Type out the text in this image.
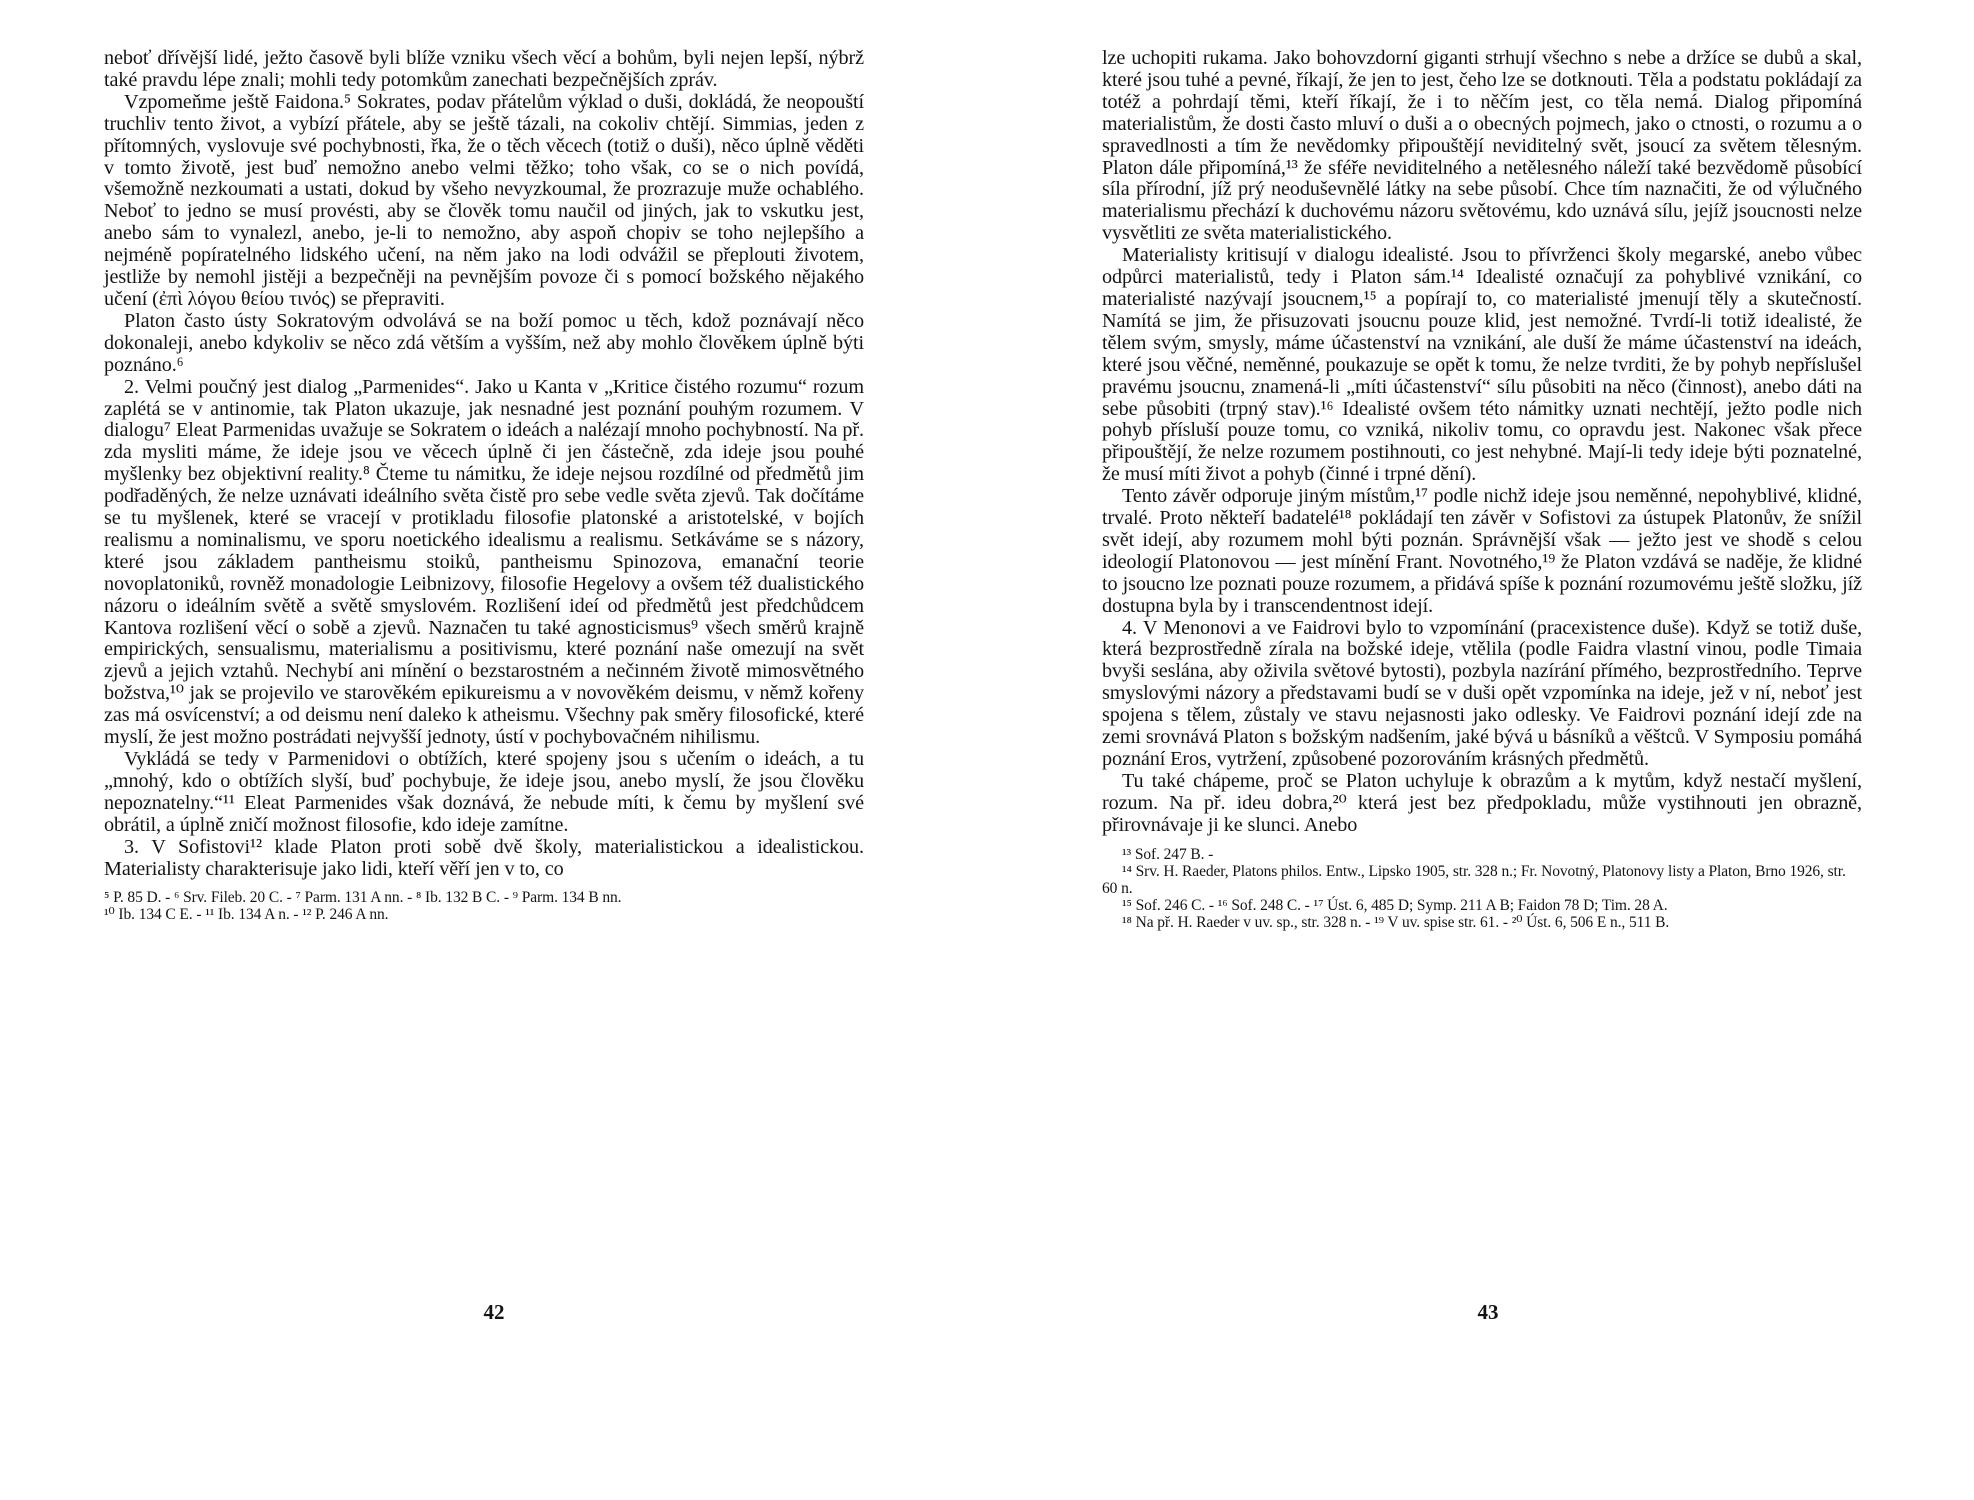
neboť dřívější lidé, ježto časově byli blíže vzniku všech věcí a bohům, byli nejen lepší, nýbrž také pravdu lépe znali; mohli tedy potomkům zanechati bezpečnějších zpráv.

Vzpomeňme ještě Faidona.⁵ Sokrates, podav přátelům výklad o duši, dokládá, že neopouští truchliv tento život, a vybízí přátele, aby se ještě tázali, na cokoliv chtějí. Simmias, jeden z přítomných, vyslovuje své pochybnosti, řka, že o těch věcech (totiž o duši), něco úplně věděti v tomto životě, jest buď nemožno anebo velmi těžko; toho však, co se o nich povídá, všemožně nezkoumati a ustati, dokud by všeho nevyzkoumal, že prozrazuje muže ochablého. Neboť to jedno se musí provésti, aby se člověk tomu naučil od jiných, jak to vskutku jest, anebo sám to vynalezl, anebo, je-li to nemožno, aby aspoň chopiv se toho nejlepšího a nejméně popíratelného lidského učení, na něm jako na lodi odvážil se přeplouti životem, jestliže by nemohl jistěji a bezpečněji na pevnějším povoze či s pomocí božského nějakého učení (ἐπὶ λόγου θείου τινός) se přepraviti.

Platon často ústy Sokratovým odvolává se na boží pomoc u těch, kdož poznávají něco dokonaleji, anebo kdykoliv se něco zdá větším a vyšším, než aby mohlo člověkem úplně býti poznáno.⁶

2. Velmi poučný jest dialog „Parmenides“. Jako u Kanta v „Kritice čistého rozumu“ rozum zaplétá se v antinomie, tak Platon ukazuje, jak nesnadné jest poznání pouhým rozumem. V dialogu⁷ Eleat Parmenidas uvažuje se Sokratem o ideách a nalézají mnoho pochybností. Na př. zda mysliti máme, že ideje jsou ve věcech úplně či jen částečně, zda ideje jsou pouhé myšlenky bez objektivní reality.⁸ Čteme tu námitku, že ideje nejsou rozdílné od předmětů jim podřaděných, že nelze uznávati ideálního světa čistě pro sebe vedle světa zjevů. Tak dočítáme se tu myšlenek, které se vracejí v protikladu filosofie platonské a aristotelské, v bojích realismu a nominalismu, ve sporu noetického idealismu a realismu. Setkáváme se s názory, které jsou základem pantheismu stoiků, pantheismu Spinozova, emanační teorie novoplatoniků, rovněž monadologie Leibnizovy, filosofie Hegelovy a ovšem též dualistického názoru o ideálním světě a světě smyslovém. Rozlišení ideí od předmětů jest předchůdcem Kantova rozlišení věcí o sobě a zjevů. Naznačen tu také agnosticismus⁹ všech směrů krajně empirických, sensualismu, materialismu a positivismu, které poznání naše omezují na svět zjevů a jejich vztahů. Nechybí ani mínění o bezstarostném a nečinném životě mimosvětného božstva,¹⁰ jak se projevilo ve starověkém epikureismu a v novověkém deismu, v němž kořeny zas má osvícenství; a od deismu není daleko k atheismu. Všechny pak směry filosofické, které myslí, že jest možno postrádati nejvyšší jednoty, ústí v pochybovačném nihilismu.

Vykládá se tedy v Parmenidovi o obtížích, které spojeny jsou s učením o ideách, a tu „mnohý, kdo o obtížích slyší, buď pochybuje, že ideje jsou, anebo myslí, že jsou člověku nepoznatelny.“¹¹ Eleat Parmenides však doznává, že nebude míti, k čemu by myšlení své obrátil, a úplně zničí možnost filosofie, kdo ideje zamítne.

3. V Sofistovi¹² klade Platon proti sobě dvě školy, materialistickou a idealistickou. Materialisty charakterisuje jako lidi, kteří věří jen v to, co

⁵ P. 85 D. - ⁶ Srv. Fileb. 20 C. - ⁷ Parm. 131 A nn. - ⁸ Ib. 132 B C. - ⁹ Parm. 134 B nn.
¹⁰ Ib. 134 C E. - ¹¹ Ib. 134 A n. - ¹² P. 246 A nn.

lze uchopiti rukama. Jako bohovzdorní giganti strhují všechno s nebe a držíce se dubů a skal, které jsou tuhé a pevné, říkají, že jen to jest, čeho lze se dotknouti. Těla a podstatu pokládají za totéž a pohrdají těmi, kteří říkají, že i to něčím jest, co těla nemá. Dialog připomíná materialistům, že dosti často mluví o duši a o obecných pojmech, jako o ctnosti, o rozumu a o spravedlnosti a tím že nevědomky připouštějí neviditelný svět, jsoucí za světem tělesným. Platon dále připomíná,¹³ že sféře neviditelného a netělesného náleží také bezvědomě působící síla přírodní, jíž prý neoduševnělé látky na sebe působí. Chce tím naznačiti, že od výlučného materialismu přechází k duchovému názoru světovému, kdo uznává sílu, jejíž jsoucnosti nelze vysvětliti ze světa materialistického.

Materialisty kritisují v dialogu idealisté. Jsou to přívrženci školy megarské, anebo vůbec odpůrci materialistů, tedy i Platon sám.¹⁴ Idealisté označují za pohyblivé vznikání, co materialisté nazývají jsoucnem,¹⁵ a popírají to, co materialisté jmenují těly a skutečností. Namítá se jim, že přisuzovati jsoucnu pouze klid, jest nemožné. Tvrdí-li totiž idealisté, že tělem svým, smysly, máme účastenství na vznikání, ale duší že máme účastenství na ideách, které jsou věčné, neměnné, poukazuje se opět k tomu, že nelze tvrditi, že by pohyb nepříslušel pravému jsoucnu, znamená-li „míti účastenství“ sílu působiti na něco (činnost), anebo dáti na sebe působiti (trpný stav).¹⁶ Idealisté ovšem této námitky uznati nechtějí, ježto podle nich pohyb přísluší pouze tomu, co vzniká, nikoliv tomu, co opravdu jest. Nakonec však přece připouštějí, že nelze rozumem postihnouti, co jest nehybné. Mají-li tedy ideje býti poznatelné, že musí míti život a pohyb (činné i trpné dění).

Tento závěr odporuje jiným místům,¹⁷ podle nichž ideje jsou neměnné, nepohyblivé, klidné, trvalé. Proto někteří badatelé¹⁸ pokládají ten závěr v Sofistovi za ústupek Platonův, že snížil svět idejí, aby rozumem mohl býti poznán. Správnější však — ježto jest ve shodě s celou ideologií Platonovou — jest mínění Frant. Novotného,¹⁹ že Platon vzdává se naděje, že klidné to jsoucno lze poznati pouze rozumem, a přidává spíše k poznání rozumovému ještě složku, jíž dostupna byla by i transcendentnost idejí.

4. V Menonovi a ve Faidrovi bylo to vzpomínání (pracexistence duše). Když se totiž duše, která bezprostředně zírala na božské ideje, vtělila (podle Faidra vlastní vinou, podle Timaia bvyši seslána, aby oživila světové bytosti), pozbyla nazírání přímého, bezprostředního. Teprve smyslovými názory a představami budí se v duši opět vzpomínka na ideje, jež v ní, neboť jest spojena s tělem, zůstaly ve stavu nejasnosti jako odlesky. Ve Faidrovi poznání idejí zde na zemi srovnává Platon s božským nadšením, jaké bývá u básníků a věštců. V Symposiu pomáhá poznání Eros, vytržení, způsobené pozorováním krásných předmětů.

Tu také chápeme, proč se Platon uchyluje k obrazům a k mytům, když nestačí myšlení, rozum. Na př. ideu dobra,²⁰ která jest bez předpokladu, může vystihnouti jen obrazně, přirovnávaje ji ke slunci. Anebo

¹³ Sof. 247 B. -
¹⁴ Srv. H. Raeder, Platons philos. Entw., Lipsko 1905, str. 328 n.; Fr. Novotný, Platonovy listy a Platon, Brno 1926, str. 60 n.
¹⁵ Sof. 246 C. - ¹⁶ Sof. 248 C. - ¹⁷ Úst. 6, 485 D; Symp. 211 A B; Faidon 78 D; Tim. 28 A.
¹⁸ Na př. H. Raeder v uv. sp., str. 328 n. - ¹⁹ V uv. spise str. 61. - ²⁰ Úst. 6, 506 E n., 511 B.
42	43
